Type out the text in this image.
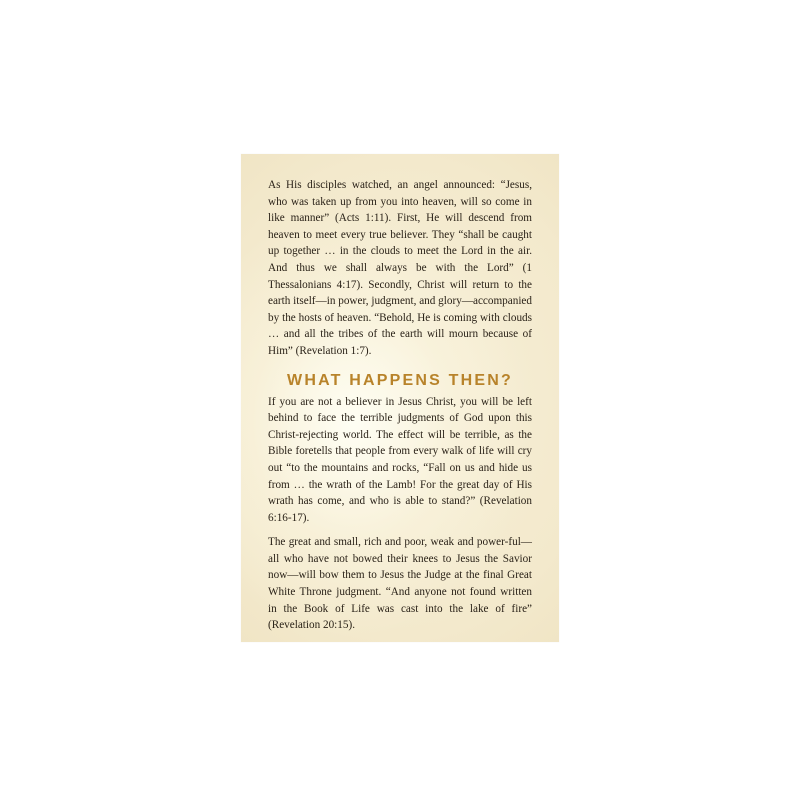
As His disciples watched, an angel announced: “Jesus, who was taken up from you into heaven, will so come in like manner” (Acts 1:11). First, He will descend from heaven to meet every true believer. They “shall be caught up together … in the clouds to meet the Lord in the air. And thus we shall always be with the Lord” (1 Thessalonians 4:17). Secondly, Christ will return to the earth itself—in power, judgment, and glory—accompanied by the hosts of heaven. “Behold, He is coming with clouds … and all the tribes of the earth will mourn because of Him” (Revelation 1:7).

WHAT HAPPENS THEN?

If you are not a believer in Jesus Christ, you will be left behind to face the terrible judgments of God upon this Christ-rejecting world. The effect will be terrible, as the Bible foretells that people from every walk of life will cry out “to the mountains and rocks, “Fall on us and hide us from … the wrath of the Lamb! For the great day of His wrath has come, and who is able to stand?” (Revelation 6:16-17).

The great and small, rich and poor, weak and power-ful—all who have not bowed their knees to Jesus the Savior now—will bow them to Jesus the Judge at the final Great White Throne judgment. “And anyone not found written in the Book of Life was cast into the lake of fire” (Revelation 20:15).
